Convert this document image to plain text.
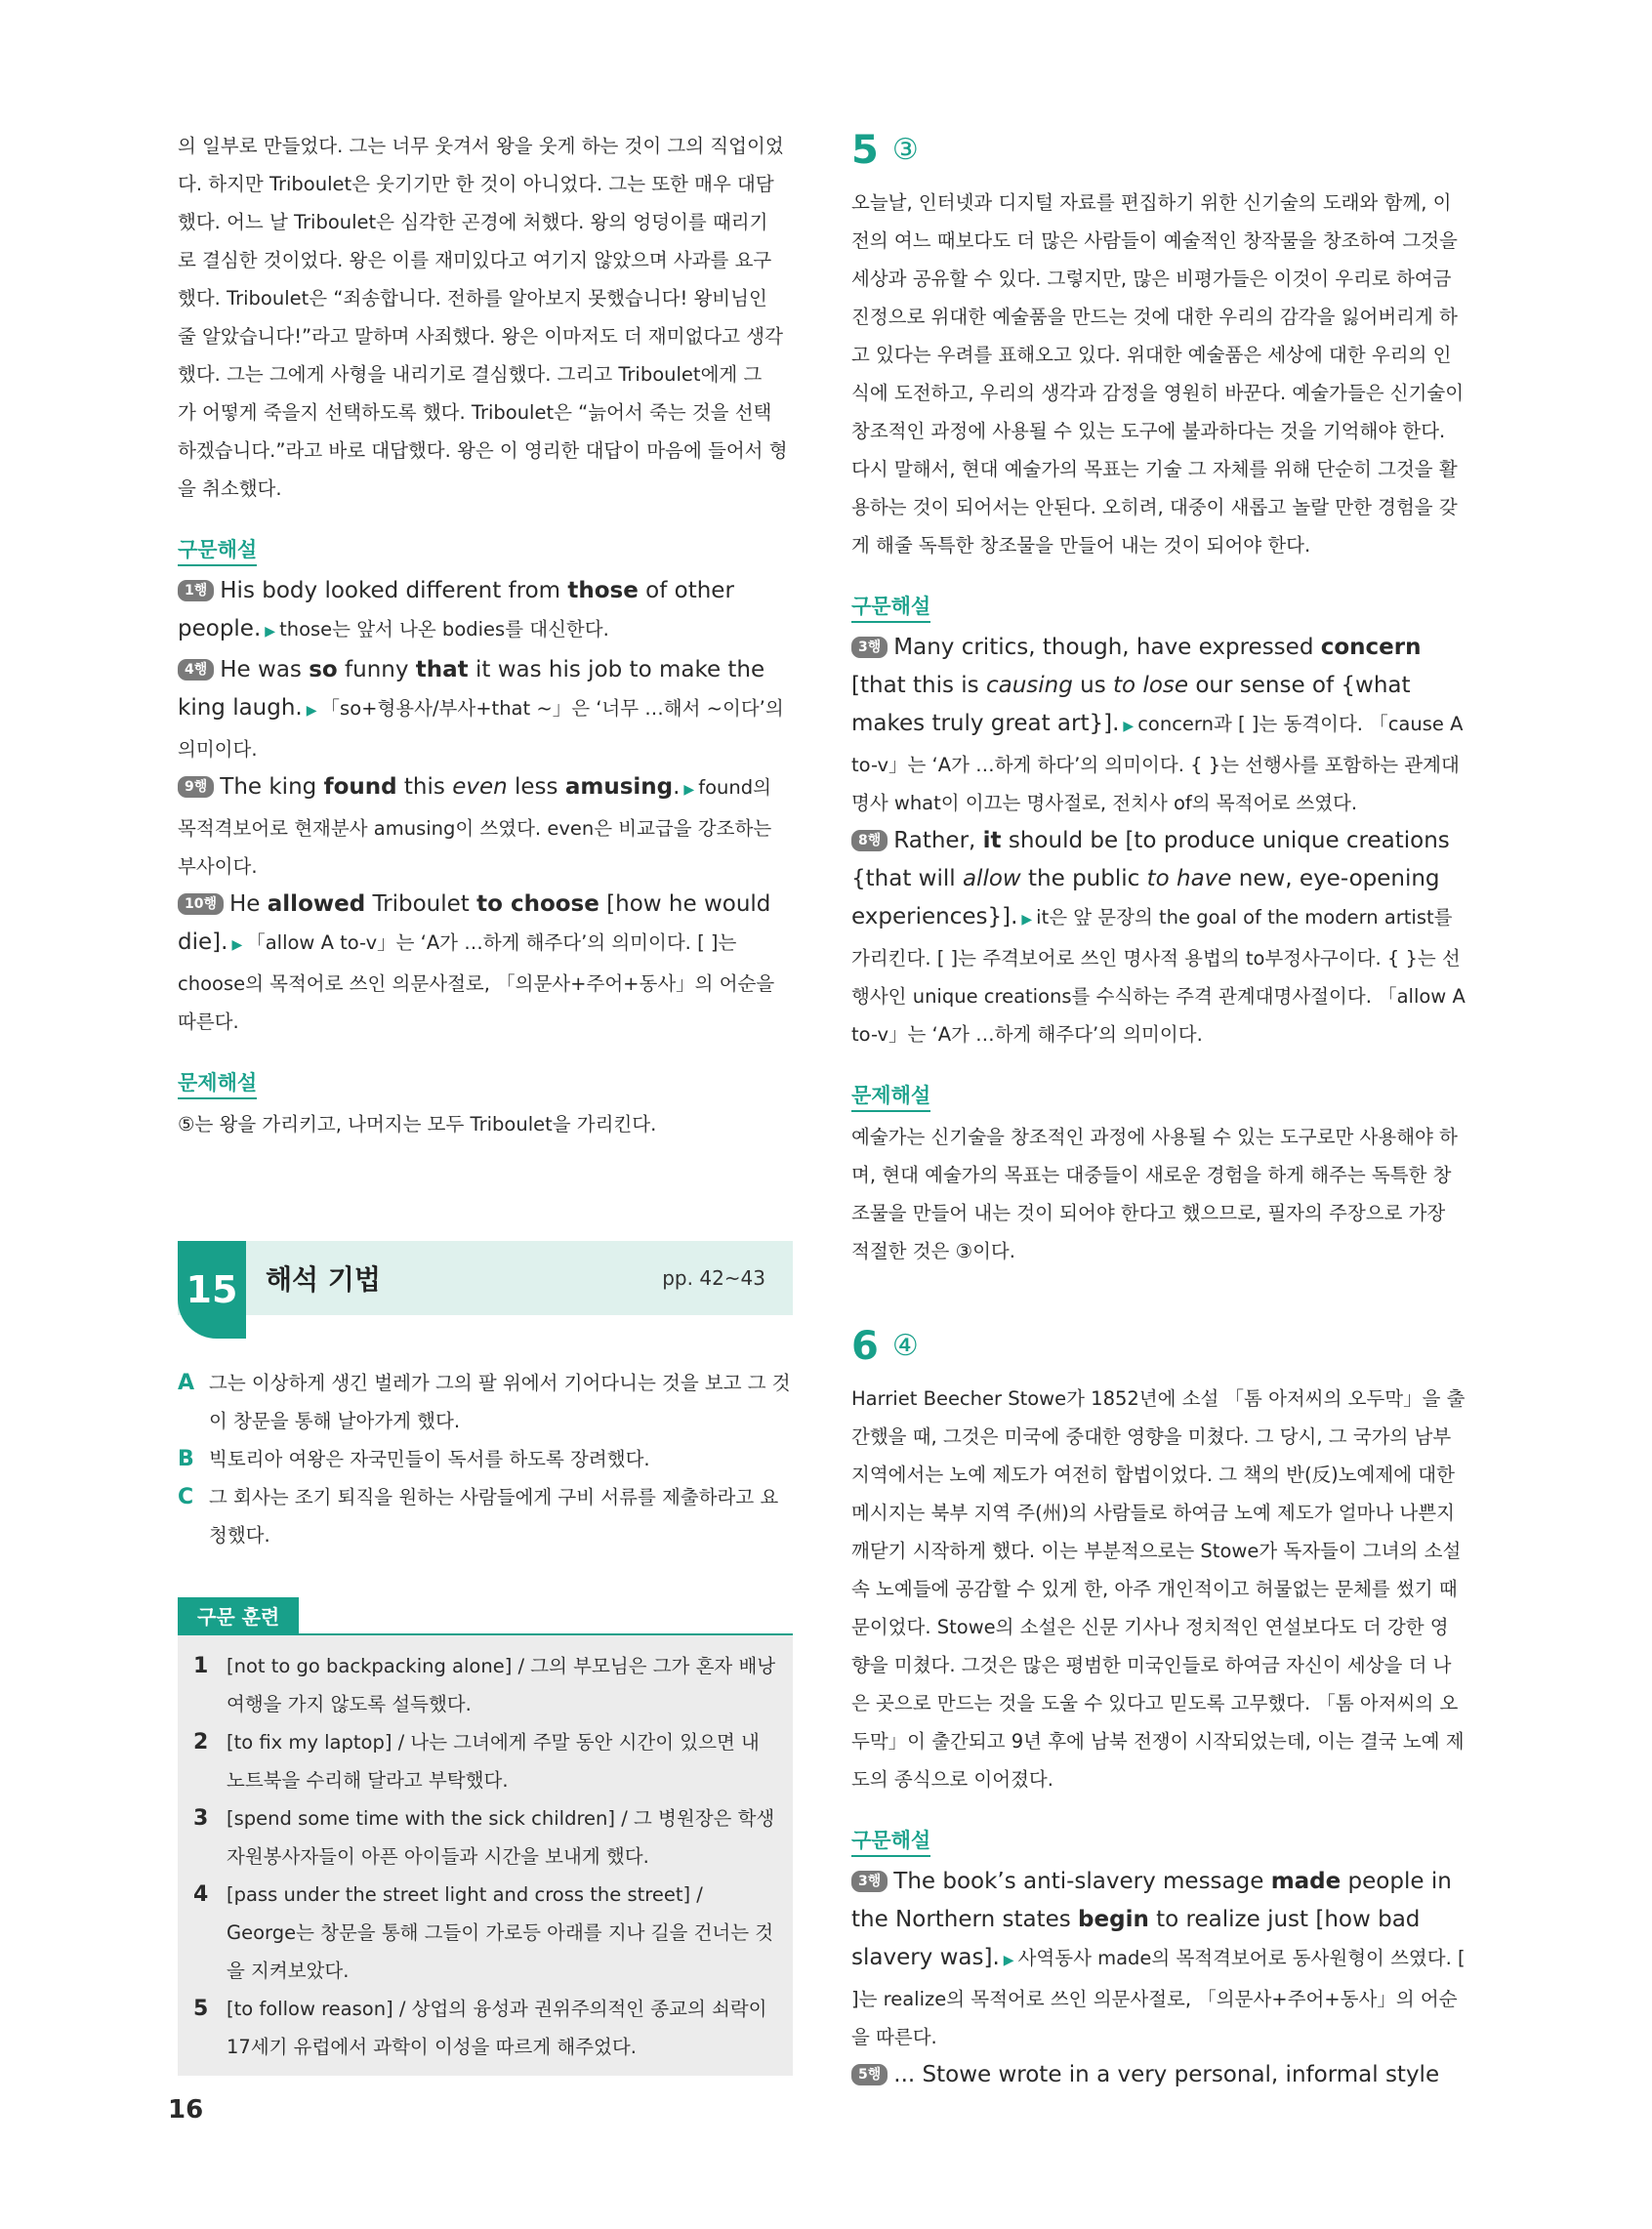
의 일부로 만들었다. 그는 너무 웃겨서 왕을 웃게 하는 것이 그의 직업이었
다. 하지만 Triboulet은 웃기기만 한 것이 아니었다. 그는 또한 매우 대담
했다. 어느 날 Triboulet은 심각한 곤경에 처했다. 왕의 엉덩이를 때리기
로 결심한 것이었다. 왕은 이를 재미있다고 여기지 않았으며 사과를 요구
했다. Triboulet은 “죄송합니다. 전하를 알아보지 못했습니다! 왕비님인
줄 알았습니다!”라고 말하며 사죄했다. 왕은 이마저도 더 재미없다고 생각
했다. 그는 그에게 사형을 내리기로 결심했다. 그리고 Triboulet에게 그
가 어떻게 죽을지 선택하도록 했다. Triboulet은 “늙어서 죽는 것을 선택
하겠습니다.”라고 바로 대답했다. 왕은 이 영리한 대답이 마음에 들어서 형
을 취소했다.

구문해설

1행 His body looked different from those of other people. ▶ those는 앞서 나온 bodies를 대신한다.

4행 He was so funny that it was his job to make the king laugh. ▶ 「so+형용사/부사+that ~」은 ‘너무 …해서 ~이다’의 의미이다.

9행 The king found this even less amusing. ▶ found의 목적격보어로 현재분사 amusing이 쓰였다. even은 비교급을 강조하는 부사이다.

10행 He allowed Triboulet to choose [how he would die]. ▶ 「allow A to-v」는 ‘A가 …하게 해주다’의 의미이다. [ ]는 choose의 목적어로 쓰인 의문사절로, 「의문사+주어+동사」의 어순을 따른다.

문제해설

⑤는 왕을 가리키고, 나머지는 모두 Triboulet을 가리킨다.

15	해석 기법	pp. 42~43
A 그는 이상하게 생긴 벌레가 그의 팔 위에서 기어다니는 것을 보고 그 것이 창문을 통해 날아가게 했다.
B 빅토리아 여왕은 자국민들이 독서를 하도록 장려했다.
C 그 회사는 조기 퇴직을 원하는 사람들에게 구비 서류를 제출하라고 요청했다.
구문 훈련
1 [not to go backpacking alone] / 그의 부모님은 그가 혼자 배낭여행을 가지 않도록 설득했다.
2 [to fix my laptop] / 나는 그녀에게 주말 동안 시간이 있으면 내 노트북을 수리해 달라고 부탁했다.
3 [spend some time with the sick children] / 그 병원장은 학생 자원봉사자들이 아픈 아이들과 시간을 보내게 했다.
4 [pass under the street light and cross the street] / George는 창문을 통해 그들이 가로등 아래를 지나 길을 건너는 것을 지켜보았다.
5 [to follow reason] / 상업의 융성과 권위주의적인 종교의 쇠락이 17세기 유럽에서 과학이 이성을 따르게 해주었다.
5 ③

오늘날, 인터넷과 디지털 자료를 편집하기 위한 신기술의 도래와 함께, 이전의 여느 때보다도 더 많은 사람들이 예술적인 창작물을 창조하여 그것을 세상과 공유할 수 있다. 그렇지만, 많은 비평가들은 이것이 우리로 하여금 진정으로 위대한 예술품을 만드는 것에 대한 우리의 감각을 잃어버리게 하고 있다는 우려를 표해오고 있다. 위대한 예술품은 세상에 대한 우리의 인식에 도전하고, 우리의 생각과 감정을 영원히 바꾼다. 예술가들은 신기술이 창조적인 과정에 사용될 수 있는 도구에 불과하다는 것을 기억해야 한다. 다시 말해서, 현대 예술가의 목표는 기술 그 자체를 위해 단순히 그것을 활용하는 것이 되어서는 안된다. 오히려, 대중이 새롭고 놀랄 만한 경험을 갖게 해줄 독특한 창조물을 만들어 내는 것이 되어야 한다.

구문해설

3행 Many critics, though, have expressed concern [that this is causing us to lose our sense of {what makes truly great art}]. ▶ concern과 [ ]는 동격이다. 「cause A to-v」는 ‘A가 …하게 하다’의 의미이다. { }는 선행사를 포함하는 관계대명사 what이 이끄는 명사절로, 전치사 of의 목적어로 쓰였다.

8행 Rather, it should be [to produce unique creations {that will allow the public to have new, eye-opening experiences}]. ▶ it은 앞 문장의 the goal of the modern artist를 가리킨다. [ ]는 주격보어로 쓰인 명사적 용법의 to부정사구이다. { }는 선행사인 unique creations를 수식하는 주격 관계대명사절이다. 「allow A to-v」는 ‘A가 …하게 해주다’의 의미이다.

문제해설

예술가는 신기술을 창조적인 과정에 사용될 수 있는 도구로만 사용해야 하며, 현대 예술가의 목표는 대중들이 새로운 경험을 하게 해주는 독특한 창조물을 만들어 내는 것이 되어야 한다고 했으므로, 필자의 주장으로 가장 적절한 것은 ③이다.

6 ④

Harriet Beecher Stowe가 1852년에 소설 「톰 아저씨의 오두막」을 출간했을 때, 그것은 미국에 중대한 영향을 미쳤다. 그 당시, 그 국가의 남부 지역에서는 노예 제도가 여전히 합법이었다. 그 책의 반(反)노예제에 대한 메시지는 북부 지역 주(州)의 사람들로 하여금 노예 제도가 얼마나 나쁜지 깨닫기 시작하게 했다. 이는 부분적으로는 Stowe가 독자들이 그녀의 소설 속 노예들에 공감할 수 있게 한, 아주 개인적이고 허물없는 문체를 썼기 때문이었다. Stowe의 소설은 신문 기사나 정치적인 연설보다도 더 강한 영향을 미쳤다. 그것은 많은 평범한 미국인들로 하여금 자신이 세상을 더 나은 곳으로 만드는 것을 도울 수 있다고 믿도록 고무했다. 「톰 아저씨의 오두막」이 출간되고 9년 후에 남북 전쟁이 시작되었는데, 이는 결국 노예 제도의 종식으로 이어졌다.

구문해설

3행 The book’s anti-slavery message made people in the Northern states begin to realize just [how bad slavery was]. ▶ 사역동사 made의 목적격보어로 동사원형이 쓰였다. [ ]는 realize의 목적어로 쓰인 의문사절로, 「의문사+주어+동사」의 어순을 따른다.

5행 ... Stowe wrote in a very personal, informal style

16
